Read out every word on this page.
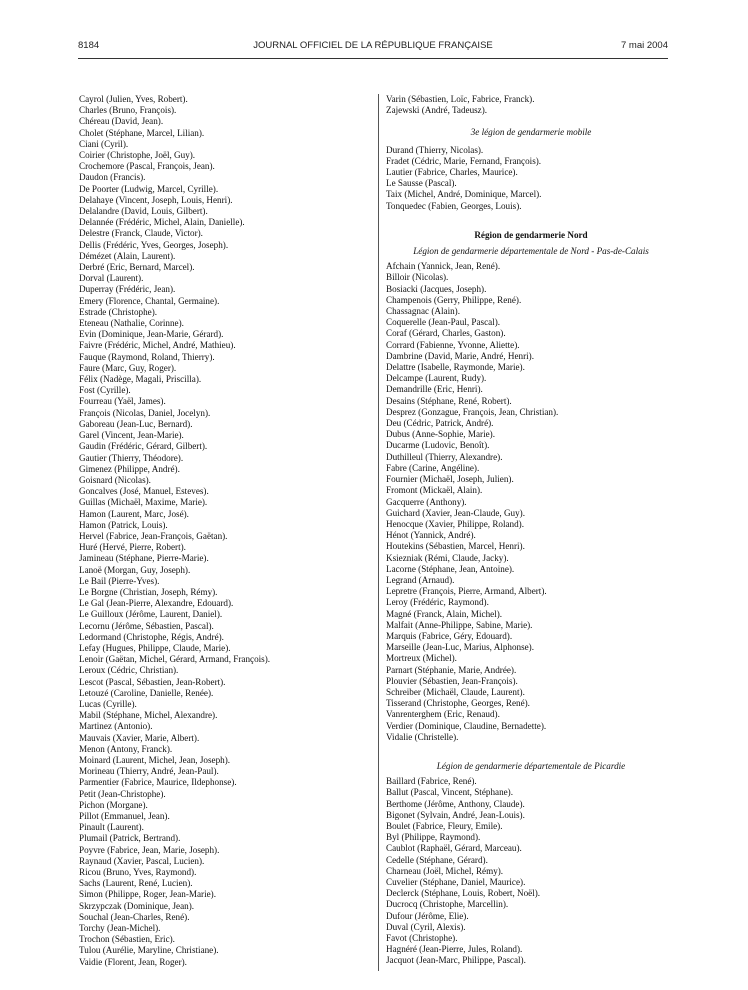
8184	JOURNAL OFFICIEL DE LA RÉPUBLIQUE FRANÇAISE	7 mai 2004
Cayrol (Julien, Yves, Robert).
Charles (Bruno, François).
Chéreau (David, Jean).
Cholet (Stéphane, Marcel, Lilian).
Ciani (Cyril).
Coirier (Christophe, Joël, Guy).
Crochemore (Pascal, François, Jean).
Daudon (Francis).
De Poorter (Ludwig, Marcel, Cyrille).
Delahaye (Vincent, Joseph, Louis, Henri).
Delalandre (David, Louis, Gilbert).
Delannée (Frédéric, Michel, Alain, Danielle).
Delestre (Franck, Claude, Victor).
Dellis (Frédéric, Yves, Georges, Joseph).
Démézet (Alain, Laurent).
Derbré (Eric, Bernard, Marcel).
Dorval (Laurent).
Duperray (Frédéric, Jean).
Emery (Florence, Chantal, Germaine).
Estrade (Christophe).
Eteneau (Nathalie, Corinne).
Evin (Dominique, Jean-Marie, Gérard).
Faivre (Frédéric, Michel, André, Mathieu).
Fauque (Raymond, Roland, Thierry).
Faure (Marc, Guy, Roger).
Félix (Nadège, Magali, Priscilla).
Fost (Cyrille).
Fourreau (Yaël, James).
François (Nicolas, Daniel, Jocelyn).
Gaboreau (Jean-Luc, Bernard).
Garel (Vincent, Jean-Marie).
Gaudin (Frédéric, Gérard, Gilbert).
Gautier (Thierry, Théodore).
Gimenez (Philippe, André).
Goisnard (Nicolas).
Goncalves (José, Manuel, Esteves).
Guillas (Michaël, Maxime, Marie).
Hamon (Laurent, Marc, José).
Hamon (Patrick, Louis).
Hervel (Fabrice, Jean-François, Gaëtan).
Huré (Hervé, Pierre, Robert).
Jamineau (Stéphane, Pierre-Marie).
Lanoë (Morgan, Guy, Joseph).
Le Bail (Pierre-Yves).
Le Borgne (Christian, Joseph, Rémy).
Le Gal (Jean-Pierre, Alexandre, Edouard).
Le Guilloux (Jérôme, Laurent, Daniel).
Lecornu (Jérôme, Sébastien, Pascal).
Ledormand (Christophe, Régis, André).
Lefay (Hugues, Philippe, Claude, Marie).
Lenoir (Gaëtan, Michel, Gérard, Armand, François).
Leroux (Cédric, Christian).
Lescot (Pascal, Sébastien, Jean-Robert).
Letouzé (Caroline, Danielle, Renée).
Lucas (Cyrille).
Mabil (Stéphane, Michel, Alexandre).
Martinez (Antonio).
Mauvais (Xavier, Marie, Albert).
Menon (Antony, Franck).
Moinard (Laurent, Michel, Jean, Joseph).
Morineau (Thierry, André, Jean-Paul).
Parmentier (Fabrice, Maurice, Ildephonse).
Petit (Jean-Christophe).
Pichon (Morgane).
Pillot (Emmanuel, Jean).
Pinault (Laurent).
Plumail (Patrick, Bertrand).
Poyvre (Fabrice, Jean, Marie, Joseph).
Raynaud (Xavier, Pascal, Lucien).
Ricou (Bruno, Yves, Raymond).
Sachs (Laurent, René, Lucien).
Simon (Philippe, Roger, Jean-Marie).
Skrzypczak (Dominique, Jean).
Souchal (Jean-Charles, René).
Torchy (Jean-Michel).
Trochon (Sébastien, Eric).
Tulou (Aurélie, Maryline, Christiane).
Vaidie (Florent, Jean, Roger).
Varin (Sébastien, Loïc, Fabrice, Franck).
Zajewski (André, Tadeusz).
3e légion de gendarmerie mobile
Durand (Thierry, Nicolas).
Fradet (Cédric, Marie, Fernand, François).
Lautier (Fabrice, Charles, Maurice).
Le Sausse (Pascal).
Taix (Michel, André, Dominique, Marcel).
Tonquedec (Fabien, Georges, Louis).
Région de gendarmerie Nord
Légion de gendarmerie départementale de Nord - Pas-de-Calais
Afchain (Yannick, Jean, René).
Billoir (Nicolas).
Bosiacki (Jacques, Joseph).
Champenois (Gerry, Philippe, René).
Chassagnac (Alain).
Coquerelle (Jean-Paul, Pascal).
Coraf (Gérard, Charles, Gaston).
Corrard (Fabienne, Yvonne, Aliette).
Dambrine (David, Marie, André, Henri).
Delattre (Isabelle, Raymonde, Marie).
Delcampe (Laurent, Rudy).
Demandrille (Eric, Henri).
Desains (Stéphane, René, Robert).
Desprez (Gonzague, François, Jean, Christian).
Deu (Cédric, Patrick, André).
Dubus (Anne-Sophie, Marie).
Ducarme (Ludovic, Benoît).
Duthilleul (Thierry, Alexandre).
Fabre (Carine, Angéline).
Fournier (Michaël, Joseph, Julien).
Fromont (Mickaël, Alain).
Gacquerre (Anthony).
Guichard (Xavier, Jean-Claude, Guy).
Henocque (Xavier, Philippe, Roland).
Hénot (Yannick, André).
Houtekins (Sébastien, Marcel, Henri).
Ksiezniak (Rémi, Claude, Jacky).
Lacorne (Stéphane, Jean, Antoine).
Legrand (Arnaud).
Lepretre (François, Pierre, Armand, Albert).
Leroy (Frédéric, Raymond).
Magné (Franck, Alain, Michel).
Malfait (Anne-Philippe, Sabine, Marie).
Marquis (Fabrice, Géry, Edouard).
Marseille (Jean-Luc, Marius, Alphonse).
Mortreux (Michel).
Parnart (Stéphanie, Marie, Andrée).
Plouvier (Sébastien, Jean-François).
Schreiber (Michaël, Claude, Laurent).
Tisserand (Christophe, Georges, René).
Vanrenterghem (Eric, Renaud).
Verdier (Dominique, Claudine, Bernadette).
Vidalie (Christelle).
Légion de gendarmerie départementale de Picardie
Baillard (Fabrice, René).
Ballut (Pascal, Vincent, Stéphane).
Berthome (Jérôme, Anthony, Claude).
Bigonet (Sylvain, André, Jean-Louis).
Boulet (Fabrice, Fleury, Emile).
Byl (Philippe, Raymond).
Caublot (Raphaël, Gérard, Marceau).
Cedelle (Stéphane, Gérard).
Charneau (Joël, Michel, Rémy).
Cuvelier (Stéphane, Daniel, Maurice).
Declerck (Stéphane, Louis, Robert, Noël).
Ducrocq (Christophe, Marcellin).
Dufour (Jérôme, Elie).
Duval (Cyril, Alexis).
Favot (Christophe).
Hagnéré (Jean-Pierre, Jules, Roland).
Jacquot (Jean-Marc, Philippe, Pascal).
